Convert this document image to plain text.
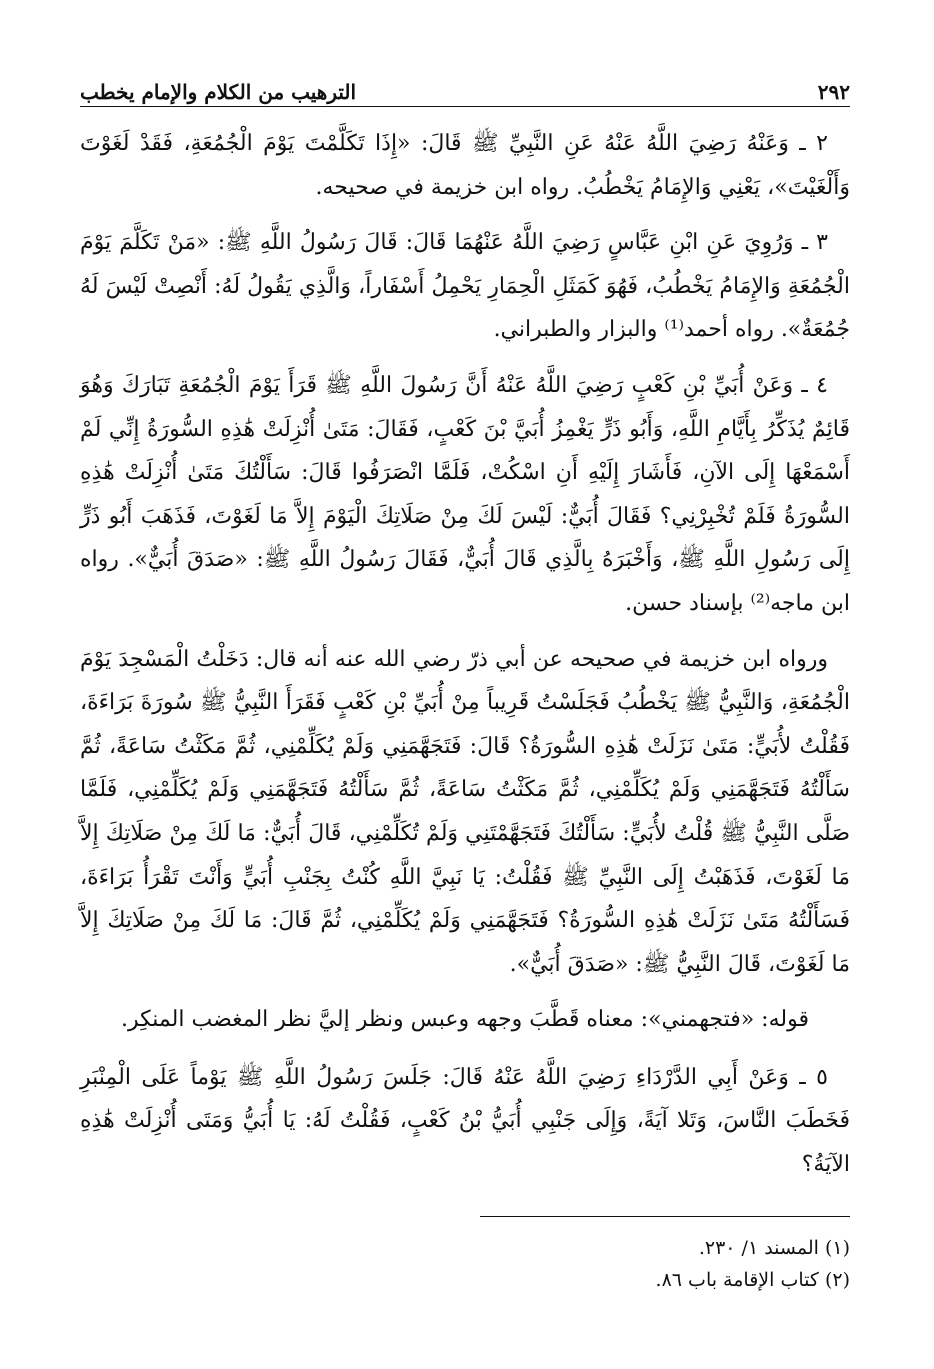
٢٩٢
الترهيب من الكلام والإمام يخطب

٢ ـ وَعَنْهُ رَضِيَ اللَّهُ عَنْهُ عَنِ النَّبِيِّ ﷺ قَالَ: «إِذَا تَكَلَّمْتَ يَوْمَ الْجُمُعَةِ، فَقَدْ لَغَوْتَ وَأَلْغَيْتَ»، يَعْنِي وَالإِمَامُ يَخْطُبُ. رواه ابن خزيمة في صحيحه.

٣ ـ وَرُوِيَ عَنِ ابْنِ عَبَّاسٍ رَضِيَ اللَّهُ عَنْهُمَا قَالَ: قَالَ رَسُولُ اللَّهِ ﷺ: «مَنْ تَكَلَّمَ يَوْمَ الْجُمُعَةِ وَالإِمَامُ يَخْطُبُ، فَهُوَ كَمَثَلِ الْحِمَارِ يَحْمِلُ أَسْفَاراً، وَالَّذِي يَقُولُ لَهُ: أَنْصِتْ لَيْسَ لَهُ جُمُعَةٌ». رواه أحمد⁽¹⁾ والبزار والطبراني.

٤ ـ وَعَنْ أُبَيِّ بْنِ كَعْبٍ رَضِيَ اللَّهُ عَنْهُ أَنَّ رَسُولَ اللَّهِ ﷺ قَرَأَ يَوْمَ الْجُمُعَةِ تَبَارَكَ وَهُوَ قَائِمٌ يُذَكِّرُ بِأَيَّامِ اللَّهِ، وَأَبُو ذَرٍّ يَغْمِزُ أُبَيَّ بْنَ كَعْبٍ، فَقَالَ: مَتَىٰ أُنْزِلَتْ هَٰذِهِ السُّورَةُ إِنِّي لَمْ أَسْمَعْهَا إِلَى الآنِ، فَأَشَارَ إِلَيْهِ أَنِ اسْكُتْ، فَلَمَّا انْصَرَفُوا قَالَ: سَأَلْتُكَ مَتَىٰ أُنْزِلَتْ هَٰذِهِ السُّورَةُ فَلَمْ تُخْبِرْنِي؟ فَقَالَ أُبَيٌّ: لَيْسَ لَكَ مِنْ صَلَاتِكَ الْيَوْمَ إِلاَّ مَا لَغَوْتَ، فَذَهَبَ أَبُو ذَرٍّ إِلَى رَسُولِ اللَّهِ ﷺ، وَأَخْبَرَهُ بِالَّذِي قَالَ أُبَيٌّ، فَقَالَ رَسُولُ اللَّهِ ﷺ: «صَدَقَ أُبَيٌّ». رواه ابن ماجه⁽²⁾ بإسناد حسن.

ورواه ابن خزيمة في صحيحه عن أبي ذرّ رضي الله عنه أنه قال: دَخَلْتُ الْمَسْجِدَ يَوْمَ الْجُمُعَةِ، وَالنَّبِيُّ ﷺ يَخْطُبُ فَجَلَسْتُ قَرِيباً مِنْ أُبَيِّ بْنِ كَعْبٍ فَقَرَأَ النَّبِيُّ ﷺ سُورَةَ بَرَاءَةَ، فَقُلْتُ لأُبَيٍّ: مَتَىٰ نَزَلَتْ هَٰذِهِ السُّورَةُ؟ قَالَ: فَتَجَهَّمَنِي وَلَمْ يُكَلِّمْنِي، ثُمَّ مَكَثْتُ سَاعَةً، ثُمَّ سَأَلْتُهُ فَتَجَهَّمَنِي وَلَمْ يُكَلِّمْنِي، ثُمَّ مَكَثْتُ سَاعَةً، ثُمَّ سَأَلْتُهُ فَتَجَهَّمَنِي وَلَمْ يُكَلِّمْنِي، فَلَمَّا صَلَّى النَّبِيُّ ﷺ قُلْتُ لأُبَيٍّ: سَأَلْتُكَ فَتَجَهَّمْتَنِي وَلَمْ تُكَلِّمْنِي، قَالَ أُبَيٌّ: مَا لَكَ مِنْ صَلَاتِكَ إِلاَّ مَا لَغَوْتَ، فَذَهَبْتُ إِلَى النَّبِيِّ ﷺ فَقُلْتُ: يَا نَبِيَّ اللَّهِ كُنْتُ بِجَنْبِ أُبَيٍّ وَأَنْتَ تَقْرَأُ بَرَاءَةَ، فَسَأَلْتُهُ مَتَىٰ نَزَلَتْ هَٰذِهِ السُّورَةُ؟ فَتَجَهَّمَنِي وَلَمْ يُكَلِّمْنِي، ثُمَّ قَالَ: مَا لَكَ مِنْ صَلَاتِكَ إِلاَّ مَا لَغَوْتَ، قَالَ النَّبِيُّ ﷺ: «صَدَقَ أُبَيٌّ».

قوله: «فتجهمني»: معناه قَطَّبَ وجهه وعبس ونظر إليَّ نظر المغضب المنكِر.

٥ ـ وَعَنْ أَبِي الدَّرْدَاءِ رَضِيَ اللَّهُ عَنْهُ قَالَ: جَلَسَ رَسُولُ اللَّهِ ﷺ يَوْماً عَلَى الْمِنْبَرِ فَخَطَبَ النَّاسَ، وَتَلا آيَةً، وَإِلَى جَنْبِي أُبَيُّ بْنُ كَعْبٍ، فَقُلْتُ لَهُ: يَا أُبَيُّ وَمَتَى أُنْزِلَتْ هَٰذِهِ الآيَةُ؟

(١) المسند ١/ ٢٣٠.
(٢) كتاب الإقامة باب ٨٦.
